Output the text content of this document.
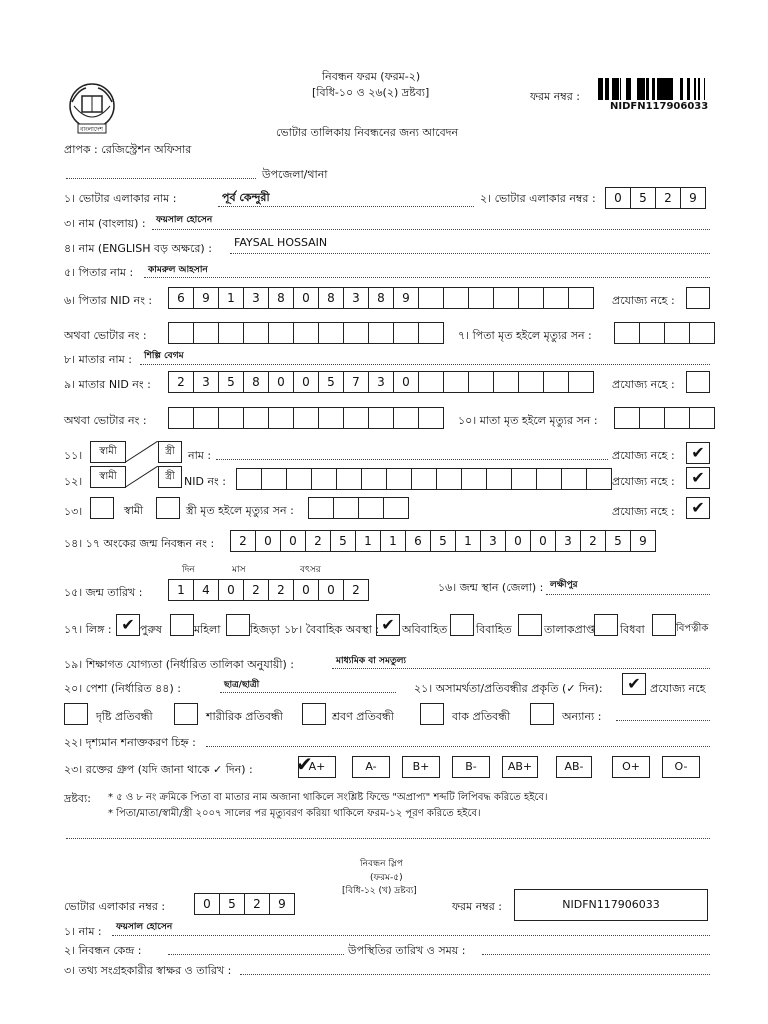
বাংলাদেশ
নিবন্ধন ফরম (ফরম-২)
[বিধি-১০ ও ২৬(২) দ্রষ্টব্য]	ফরম নম্বর :
NIDFN117906033
ভোটার তালিকায় নিবন্ধনের জন্য আবেদন
প্রাপক : রেজিস্ট্রেশন অফিসার
উপজেলা/থানা
১। ভোটার এলাকার নাম :	পূর্ব কেন্দুরী	২। ভোটার এলাকার নম্বর :	0	5	2	9
৩। নাম (বাংলায়) : ফয়সাল হোসেন
৪। নাম (ENGLISH বড় অক্ষরে) : FAYSAL HOSSAIN
৫। পিতার নাম : কামরুল আহসান
৬। পিতার NID নং :	6	9	1	3	8	0	8	3	8	9	প্রযোজ্য নহে :
অথবা ভোটার নং :	৭। পিতা মৃত হইলে মৃত্যুর সন :
৮। মাতার নাম : শিল্পি বেগম
৯। মাতার NID নং :	2	3	5	8	0	0	5	7	3	0	প্রযোজ্য নহে :
অথবা ভোটার নং :	১০। মাতা মৃত হইলে মৃত্যুর সন :
১১।	স্বামী	স্ত্রী	নাম :	প্রযোজ্য নহে :	✔
১২।	স্বামী	স্ত্রী NID নং :	প্রযোজ্য নহে :	✔
১৩।	স্বামী	স্ত্রী মৃত হইলে মৃত্যুর সন :	প্রযোজ্য নহে :	✔
১৪। ১৭ অংকের জন্ম নিবন্ধন নং :	2	0	0	2	5	1	1	6	5	1	3	0	0	3	2	5	9
দিন	মাস	বৎসর
১৫। জন্ম তারিখ :	1	4	0	2	2	0	0	2	১৬। জন্ম স্থান (জেলা) : লক্ষীপুর
১৭। লিঙ্গ : ✔ পুরুষ	মহিলা	হিজড়া ১৮। বৈবাহিক অবস্থা : ✔ অবিবাহিত	বিবাহিত	তালাকপ্রাপ্ত বিধবা	বিপত্নীক
১৯। শিক্ষাগত যোগ্যতা (নির্ধারিত তালিকা অনুযায়ী) :	মাধ্যমিক বা সমতুল্য
২০। পেশা (নির্ধারিত ৪৪) :	ছাত্র/ছাত্রী	২১। অসামর্থতা/প্রতিবন্ধীর প্রকৃতি (✓ দিন):	✔ প্রযোজ্য নহে
দৃষ্টি প্রতিবন্ধী	শারীরিক প্রতিবন্ধী	শ্রবণ প্রতিবন্ধী	বাক প্রতিবন্ধী	অন্যান্য :
২২। দৃশ্যমান শনাক্তকরণ চিহ্ন :
২৩। রক্তের গ্রুপ (যদি জানা থাকে ✓ দিন) : ✔
A+	A-	B+	B-	AB+	AB-	O+	O-
দ্রষ্টব্য: * ৫ ও ৮ নং ক্রমিকে পিতা বা মাতার নাম অজানা থাকিলে সংশ্লিষ্ট ফিল্ডে "অপ্রাপ্য" শব্দটি লিপিবদ্ধ করিতে হইবে।
* পিতা/মাতা/স্বামী/স্ত্রী ২০০৭ সালের পর মৃত্যুবরণ করিয়া থাকিলে ফরম-১২ পূরণ করিতে হইবে।
নিবন্ধন স্লিপ
(ফরম-৫)
[বিধি-১২ (খ) দ্রষ্টব্য]
ভোটার এলাকার নম্বর :	0	5	2	9	ফরম নম্বর :	NIDFN117906033
১। নাম : ফয়সাল হোসেন
২। নিবন্ধন কেন্দ্র :	উপস্থিতির তারিখ ও সময় :
৩। তথ্য সংগ্রহকারীর স্বাক্ষর ও তারিখ :
